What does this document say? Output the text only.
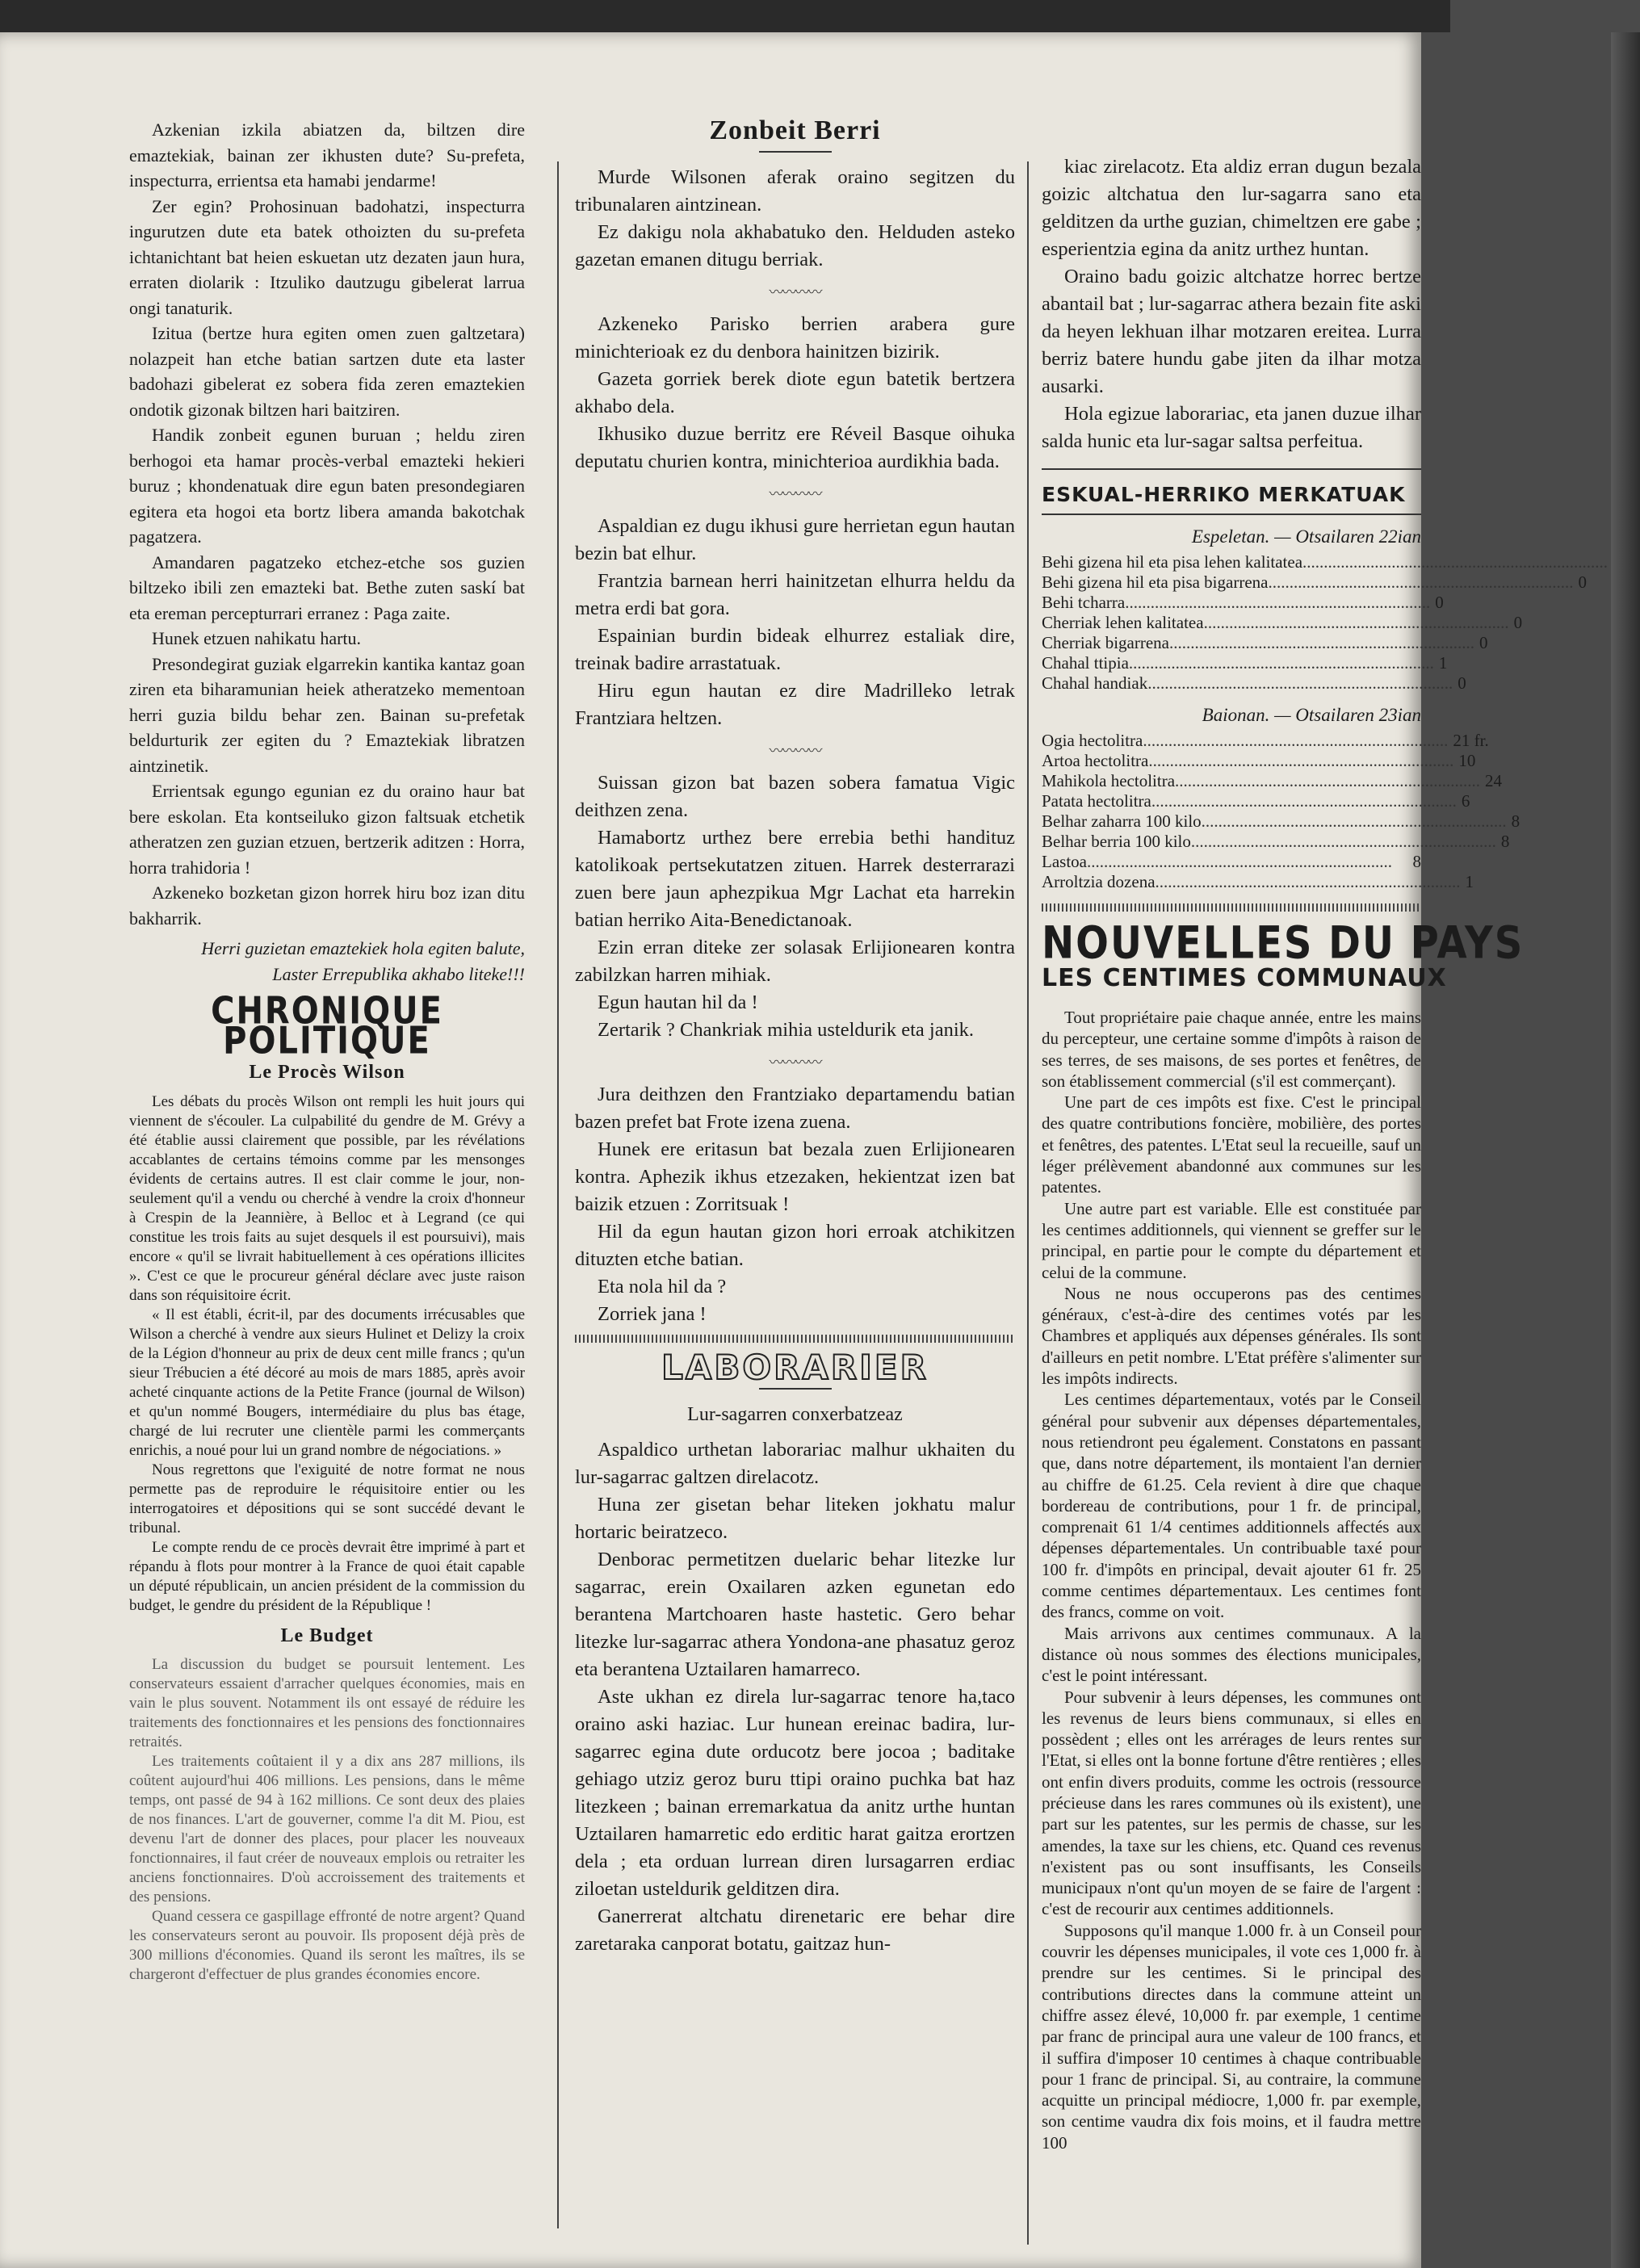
Azkenian izkila abiatzen da, biltzen dire emaztekiak, bainan zer ikhusten dute? Su-prefeta, inspecturra, errientsa eta hamabi jendarme!

Zer egin? Prohosinuan badohatzi, inspecturra ingurutzen dute eta batek othoizten du su-prefeta ichtanichtant bat heien eskuetan utz dezaten jaun hura, erraten diolarik : Itzuliko dautzugu gibelerat larrua ongi tanaturik.

Izitua (bertze hura egiten omen zuen galtzetara) nolazpeit han etche batian sartzen dute eta laster badohazi gibelerat ez sobera fida zeren emaztekien ondotik gizonak biltzen hari baitziren.

Handik zonbeit egunen buruan ; heldu ziren berhogoi eta hamar procès-verbal emazteki hekieri buruz ; khondenatuak dire egun baten presondegiaren egitera eta hogoi eta bortz libera amanda bakotchak pagatzera.

Amandaren pagatzeko etchez-etche sos guzien biltzeko ibili zen emazteki bat. Bethe zuten saskí bat eta ereman percepturrari erranez : Paga zaite.

Hunek etzuen nahikatu hartu.

Presondegirat guziak elgarrekin kantika kantaz goan ziren eta biharamunian heiek atheratzeko mementoan herri guzia bildu behar zen. Bainan su-prefetak beldurturik zer egiten du ? Emaztekiak libratzen aintzinetik.

Errientsak egungo egunian ez du oraino haur bat bere eskolan. Eta kontseiluko gizon faltsuak etchetik atheratzen zen guzian etzuen, bertzerik aditzen : Horra, horra trahidoria !

Azkeneko bozketan gizon horrek hiru boz izan ditu bakharrik.

Herri guzietan emaztekiek hola egiten balute,

Laster Errepublika akhabo liteke!!!

CHRONIQUE POLITIQUE
Le Procès Wilson

Les débats du procès Wilson ont rempli les huit jours qui viennent de s'écouler. La culpabilité du gendre de M. Grévy a été établie aussi clairement que possible, par les révélations accablantes de certains témoins comme par les mensonges évidents de certains autres. Il est clair comme le jour, non-seulement qu'il a vendu ou cherché à vendre la croix d'honneur à Crespin de la Jeannière, à Belloc et à Legrand (ce qui constitue les trois faits au sujet desquels il est poursuivi), mais encore « qu'il se livrait habituellement à ces opérations illicites ». C'est ce que le procureur général déclare avec juste raison dans son réquisitoire écrit.

« Il est établi, écrit-il, par des documents irrécusables que Wilson a cherché à vendre aux sieurs Hulinet et Delizy la croix de la Légion d'honneur au prix de deux cent mille francs ; qu'un sieur Trébucien a été décoré au mois de mars 1885, après avoir acheté cinquante actions de la Petite France (journal de Wilson) et qu'un nommé Bougers, intermédiaire du plus bas étage, chargé de lui recruter une clientèle parmi les commerçants enrichis, a noué pour lui un grand nombre de négociations. »

Nous regrettons que l'exiguité de notre format ne nous permette pas de reproduire le réquisitoire entier ou les interrogatoires et dépositions qui se sont succédé devant le tribunal.

Le compte rendu de ce procès devrait être imprimé à part et répandu à flots pour montrer à la France de quoi était capable un député républicain, un ancien président de la commission du budget, le gendre du président de la République !

Le Budget

La discussion du budget se poursuit lentement. Les conservateurs essaient d'arracher quelques économies, mais en vain le plus souvent. Notamment ils ont essayé de réduire les traitements des fonctionnaires et les pensions des fonctionnaires retraités.

Les traitements coûtaient il y a dix ans 287 millions, ils coûtent aujourd'hui 406 millions. Les pensions, dans le même temps, ont passé de 94 à 162 millions. Ce sont deux des plaies de nos finances. L'art de gouverner, comme l'a dit M. Piou, est devenu l'art de donner des places, pour placer les nouveaux fonctionnaires, il faut créer de nouveaux emplois ou retraiter les anciens fonctionnaires. D'où accroissement des traitements et des pensions.

Quand cessera ce gaspillage effronté de notre argent? Quand les conservateurs seront au pouvoir. Ils proposent déjà près de 300 millions d'économies. Quand ils seront les maîtres, ils se chargeront d'effectuer de plus grandes économies encore.

Zonbeit Berri

Murde Wilsonen aferak oraino segitzen du tribunalaren aintzinean.

Ez dakigu nola akhabatuko den. Helduden asteko gazetan emanen ditugu berriak.

〰〰〰〰

Azkeneko Parisko berrien arabera gure minichterioak ez du denbora hainitzen bizirik.

Gazeta gorriek berek diote egun batetik bertzera akhabo dela.

Ikhusiko duzue berritz ere Réveil Basque oihuka deputatu churien kontra, minichterioa aurdikhia bada.

〰〰〰〰

Aspaldian ez dugu ikhusi gure herrietan egun hautan bezin bat elhur.

Frantzia barnean herri hainitzetan elhurra heldu da metra erdi bat gora.

Espainian burdin bideak elhurrez estaliak dire, treinak badire arrastatuak.

Hiru egun hautan ez dire Madrilleko letrak Frantziara heltzen.

〰〰〰〰

Suissan gizon bat bazen sobera famatua Vigic deithzen zena.

Hamabortz urthez bere errebia bethi handituz katolikoak pertsekutatzen zituen. Harrek desterrarazi zuen bere jaun aphezpikua Mgr Lachat eta harrekin batian herriko Aita-Benedictanoak.

Ezin erran diteke zer solasak Erlijionearen kontra zabilzkan harren mihiak.

Egun hautan hil da !

Zertarik ? Chankriak mihia usteldurik eta janik.

〰〰〰〰

Jura deithzen den Frantziako departamendu batian bazen prefet bat Frote izena zuena.

Hunek ere eritasun bat bezala zuen Erlijionearen kontra. Aphezik ikhus etzezaken, hekientzat izen bat baizik etzuen : Zorritsuak !

Hil da egun hautan gizon hori erroak atchikitzen dituzten etche batian.

Eta nola hil da ?

Zorriek jana !

LABORARIER
Lur-sagarren conxerbatzeaz

Aspaldico urthetan laborariac malhur ukhaiten du lur-sagarrac galtzen direlacotz.

Huna zer gisetan behar liteken jokhatu malur hortaric beiratzeco.

Denborac permetitzen duelaric behar litezke lur sagarrac, erein Oxailaren azken egunetan edo berantena Martchoaren haste hastetic. Gero behar litezke lur-sagarrac athera Yondona-ane phasatuz geroz eta berantena Uztailaren hamarreco.

Aste ukhan ez direla lur-sagarrac tenore ha,taco oraino aski haziac. Lur hunean ereinac badira, lur-sagarrec egina dute orducotz bere jocoa ; baditake gehiago utziz geroz buru ttipi oraino puchka bat haz litezkeen ; bainan erremarkatua da anitz urthe huntan Uztailaren hamarretic edo erditic harat gaitza erortzen dela ; eta orduan lurrean diren lursagarren erdiac ziloetan usteldurik gelditzen dira.

Ganerrerat altchatu direnetaric ere behar dire zaretaraka canporat botatu, gaitzaz hun-

kiac zirelacotz. Eta aldiz erran dugun bezala goizic altchatua den lur-sagarra sano eta gelditzen da urthe guzian, chimeltzen ere gabe ; esperientzia egina da anitz urthez huntan.

Oraino badu goizic altchatze horrec bertze abantail bat ; lur-sagarrac athera bezain fite aski da heyen lekhuan ilhar motzaren ereitea. Lurra berriz batere hundu gabe jiten da ilhar motza ausarki.

Hola egizue laborariac, eta janen duzue ilhar salda hunic eta lur-sagar saltsa perfeitua.

ESKUAL-HERRIKO MERKATUAK
Espeletan. — Otsailaren 22ian
Behi gizena hil eta pisa lehen kalitatea ........................................................................
Behi gizena hil eta pisa bigarrena ........................................................................ 0
Behi tcharra ........................................................................ 0
Cherriak lehen kalitatea ........................................................................ 0
Cherriak bigarrena ........................................................................ 0
Chahal ttipia ........................................................................ 1
Chahal handiak ........................................................................ 0
Baionan. — Otsailaren 23ian
Ogia hectolitra ........................................................................ 21 fr.
Artoa hectolitra ........................................................................ 10
Mahikola hectolitra ........................................................................ 24
Patata hectolitra ........................................................................ 6
Belhar zaharra 100 kilo ........................................................................ 8
Belhar berria 100 kilo ........................................................................ 8
Lastoa ........................................................................	8
Arroltzia dozena ........................................................................ 1
NOUVELLES DU PAYS
LES CENTIMES COMMUNAUX

Tout propriétaire paie chaque année, entre les mains du percepteur, une certaine somme d'impôts à raison de ses terres, de ses maisons, de ses portes et fenêtres, de son établissement commercial (s'il est commerçant).

Une part de ces impôts est fixe. C'est le principal des quatre contributions foncière, mobilière, des portes et fenêtres, des patentes. L'Etat seul la recueille, sauf un léger prélèvement abandonné aux communes sur les patentes.

Une autre part est variable. Elle est constituée par les centimes additionnels, qui viennent se greffer sur le principal, en partie pour le compte du département et celui de la commune.

Nous ne nous occuperons pas des centimes généraux, c'est-à-dire des centimes votés par les Chambres et appliqués aux dépenses générales. Ils sont d'ailleurs en petit nombre. L'Etat préfère s'alimenter sur les impôts indirects.

Les centimes départementaux, votés par le Conseil général pour subvenir aux dépenses départementales, nous retiendront peu également. Constatons en passant que, dans notre département, ils montaient l'an dernier au chiffre de 61.25. Cela revient à dire que chaque bordereau de contributions, pour 1 fr. de principal, comprenait 61 1/4 centimes additionnels affectés aux dépenses départementales. Un contribuable taxé pour 100 fr. d'impôts en principal, devait ajouter 61 fr. 25 comme centimes départementaux. Les centimes font des francs, comme on voit.

Mais arrivons aux centimes communaux. A la distance où nous sommes des élections municipales, c'est le point intéressant.

Pour subvenir à leurs dépenses, les communes ont les revenus de leurs biens communaux, si elles en possèdent ; elles ont les arrérages de leurs rentes sur l'Etat, si elles ont la bonne fortune d'être rentières ; elles ont enfin divers produits, comme les octrois (ressource précieuse dans les rares communes où ils existent), une part sur les patentes, sur les permis de chasse, sur les amendes, la taxe sur les chiens, etc. Quand ces revenus n'existent pas ou sont insuffisants, les Conseils municipaux n'ont qu'un moyen de se faire de l'argent : c'est de recourir aux centimes additionnels.

Supposons qu'il manque 1.000 fr. à un Conseil pour couvrir les dépenses municipales, il vote ces 1,000 fr. à prendre sur les centimes. Si le principal des contributions directes dans la commune atteint un chiffre assez élevé, 10,000 fr. par exemple, 1 centime par franc de principal aura une valeur de 100 francs, et il suffira d'imposer 10 centimes à chaque contribuable pour 1 franc de principal. Si, au contraire, la commune acquitte un principal médiocre, 1,000 fr. par exemple, son centime vaudra dix fois moins, et il faudra mettre 100
